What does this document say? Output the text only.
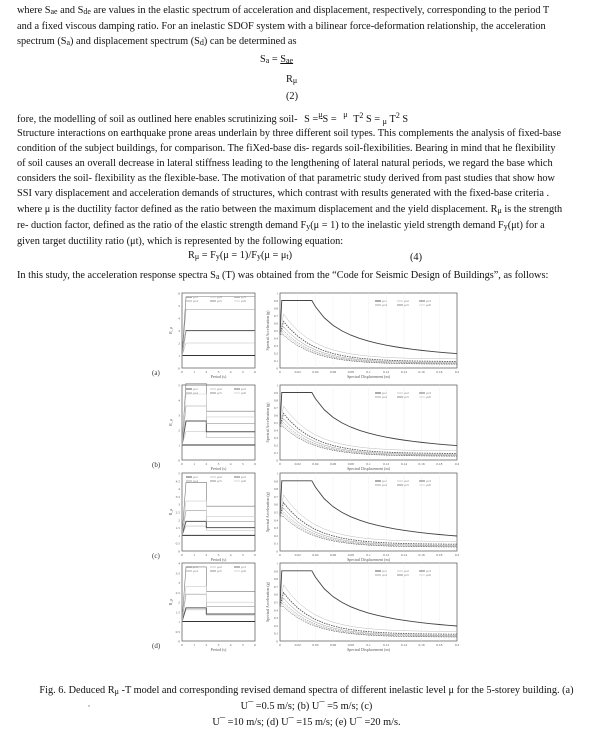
where $S_{ae}$ and $S_{de}$ are values in the elastic spectrum of acceleration and displacement, respectively, corresponding to the period T
and a fixed viscous damping ratio. For an inelastic SDOF system with a bilinear force-deformation relationship, the acceleration
spectrum $(S_a)$ and displacement spectrum $(S_d)$ can be determined as
$S_a = S_{ae}$
$R_\mu$
(2)
fore, the modelling of soil as outlined here enables scrutinizing soil- S =$^\mu$S = $^\mu$ $T^2$ S = μ $T^2$ S
Structure interactions on earthquake prone areas underlain by three different soil types. This complements the analysis of fixed-base
condition of the subject buildings, for comparison. The fiXed-base dis- regards soil-flexibilities. Bearing in mind that he flexibility
of soil causes an overall decrease in lateral stiffness leading to the lengthening of lateral natural periods, we regard the base which
considers the soil- flexibility as the flexible-base. The motivation of that parametric study derived from past studies that show how
SSI vary displacement and acceleration demands of structures, which contrast with results generated with the fixed-base criteria .
where μ is the ductility factor defined as the ratio between the maximum displacement and the yield displacement. $R_\mu$ is the strength
re- duction factor, defined as the ratio of the elastic strength demand $F_y(\mu = 1)$ to the inelastic yield strength demand $F_y(\mu t)$ for a
given target ductility ratio (μt), which is represented by the following equation:
$R_\mu = F_y(\mu = 1)/F_y(\mu = \mu_t)$	(4)
In this study, the acceleration response spectra $S_a$ (T) was obtained from the “Code for Seismic Design of Buildings”, as follows:
(a)
0
1
2
3
4
5
6
0	1	2	3	4	5	6
Period (s)
R_μ
μ=1	μ=2	μ=3
μ=4	μ=5	μ=6
0	0.02	0.04	0.06	0.08	0.1	0.12	0.14	0.16	0.18	0.2
0
0.1
0.2
0.3
0.4
0.5
0.6
0.7
0.8
0.9
1
Spectral Displacement (m)
Spectral Acceleration (g)
μ=1	μ=2	μ=3
μ=4	μ=5	μ=6
(b)
0
1
2
3
4
5
0	1	2	3	4	5	6
Period (s)
R_μ
μ=1	μ=2	μ=3
μ=4	μ=5	μ=6
0	0.02	0.04	0.06	0.08	0.1	0.12	0.14	0.16	0.18	0.2
0
0.1
0.2
0.3
0.4
0.5
0.6
0.7
0.8
0.9
1
Spectral Displacement (m)
Spectral Acceleration (g)
μ=1	μ=2	μ=3
μ=4	μ=5	μ=6
(c)
0
0.5
1
1.5
2
2.5
3
3.5
4
4.5
5
0	1	2	3	4	5	6
Period (s)
R_μ
μ=1	μ=2	μ=3
μ=4	μ=5	μ=6
0	0.02	0.04	0.06	0.08	0.1	0.12	0.14	0.16	0.18	0.2
0
0.1
0.2
0.3
0.4
0.5
0.6
0.7
0.8
0.9
1
Spectral Displacement (m)
Spectral Acceleration (g)
μ=1	μ=2	μ=3
μ=4	μ=5	μ=6
(d)
0
0.5
1
1.5
2
2.5
3
3.5
4
0	1	2	3	4	5	6
Period (s)
R_μ
μ=1	μ=2	μ=3
μ=4	μ=5	μ=6
0	0.02	0.04	0.06	0.08	0.1	0.12	0.14	0.16	0.18	0.2
0
0.1
0.2
0.3
0.4
0.5
0.6
0.7
0.8
0.9
1
Spectral Displacement (m)
Spectral Acceleration (g)
μ=1	μ=2	μ=3
μ=4	μ=5	μ=6
Fig. 6. Deduced $R_\mu$ -T model and corresponding revised demand spectra of different inelastic level μ for the 5-storey building. (a)
U¯ =0.5 m/s; (b) U¯ =5 m/s; (c)
U¯ =10 m/s; (d) U¯ =15 m/s; (e) U¯ =20 m/s.
